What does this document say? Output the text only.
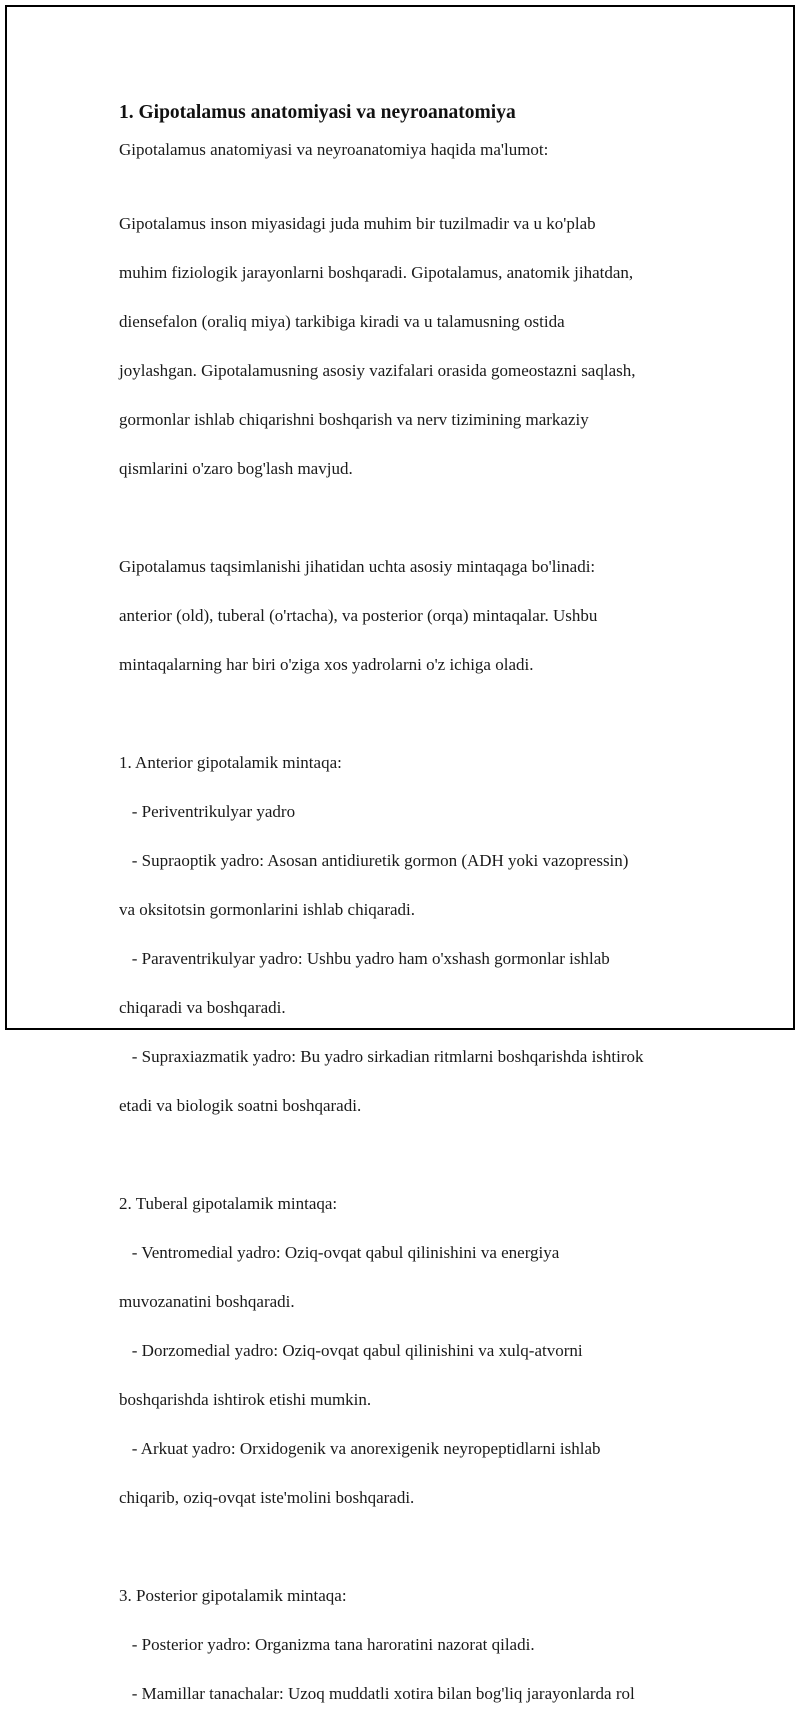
1. Gipotalamus anatomiyasi va neyroanatomiya

Gipotalamus anatomiyasi va neyroanatomiya haqida ma'lumot:

Gipotalamus inson miyasidagi juda muhim bir tuzilmadir va u ko'plab

muhim fiziologik jarayonlarni boshqaradi. Gipotalamus, anatomik jihatdan,

diensefalon (oraliq miya) tarkibiga kiradi va u talamusning ostida

joylashgan. Gipotalamusning asosiy vazifalari orasida gomeostazni saqlash,

gormonlar ishlab chiqarishni boshqarish va nerv tizimining markaziy

qismlarini o'zaro bog'lash mavjud.

Gipotalamus taqsimlanishi jihatidan uchta asosiy mintaqaga bo'linadi:

anterior (old), tuberal (o'rtacha), va posterior (orqa) mintaqalar. Ushbu

mintaqalarning har biri o'ziga xos yadrolarni o'z ichiga oladi.

1. Anterior gipotalamik mintaqa:

- Periventrikulyar yadro

- Supraoptik yadro: Asosan antidiuretik gormon (ADH yoki vazopressin)

va oksitotsin gormonlarini ishlab chiqaradi.

- Paraventrikulyar yadro: Ushbu yadro ham o'xshash gormonlar ishlab

chiqaradi va boshqaradi.

- Supraxiazmatik yadro: Bu yadro sirkadian ritmlarni boshqarishda ishtirok

etadi va biologik soatni boshqaradi.

2. Tuberal gipotalamik mintaqa:

- Ventromedial yadro: Oziq-ovqat qabul qilinishini va energiya

muvozanatini boshqaradi.

- Dorzomedial yadro: Oziq-ovqat qabul qilinishini va xulq-atvorni

boshqarishda ishtirok etishi mumkin.

- Arkuat yadro: Orxidogenik va anorexigenik neyropeptidlarni ishlab

chiqarib, oziq-ovqat iste'molini boshqaradi.

3. Posterior gipotalamik mintaqa:

- Posterior yadro: Organizma tana haroratini nazorat qiladi.

- Mamillar tanachalar: Uzoq muddatli xotira bilan bog'liq jarayonlarda rol
